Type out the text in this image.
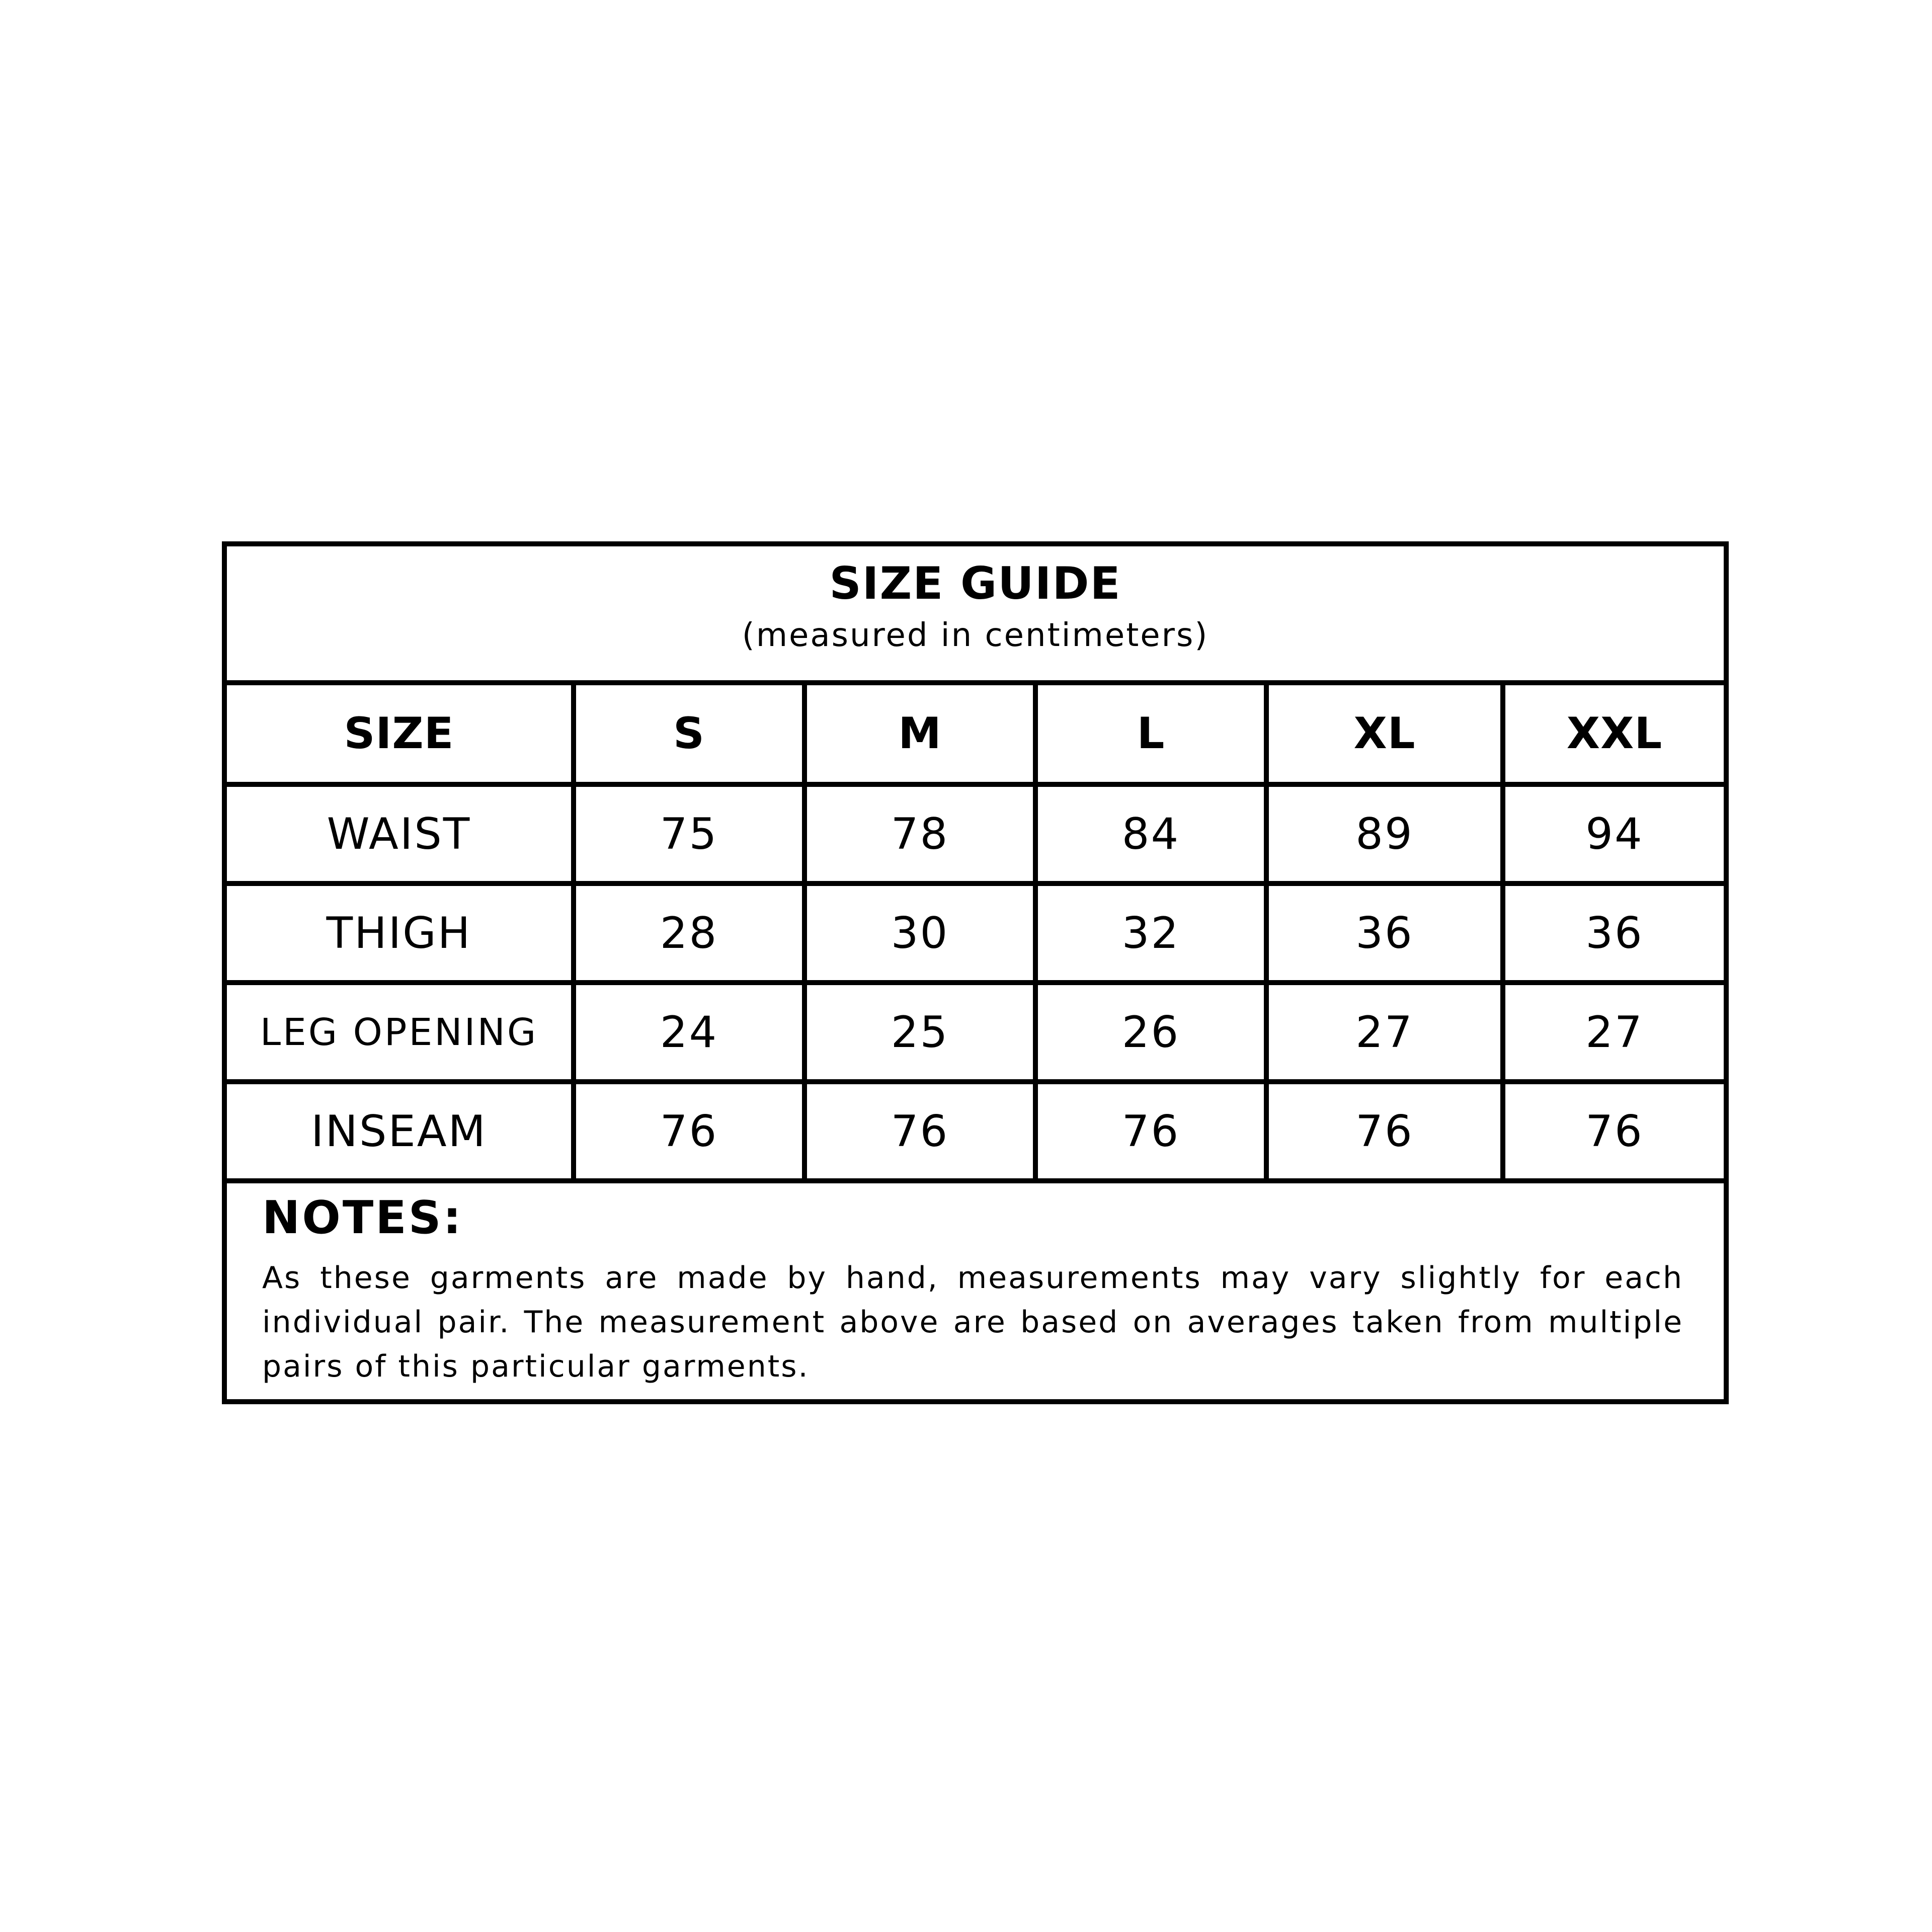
SIZE GUIDE
(measured in centimeters)
SIZE	S	M	L	XL	XXL
WAIST	75	78	84	89	94
THIGH	28	30	32	36	36
LEG OPENING	24	25	26	27	27
INSEAM	76	76	76	76	76
NOTES:
As these garments are made by hand, measurements may vary slightly for each individual pair. The measurement above are based on averages taken from multiple pairs of this particular garments.
